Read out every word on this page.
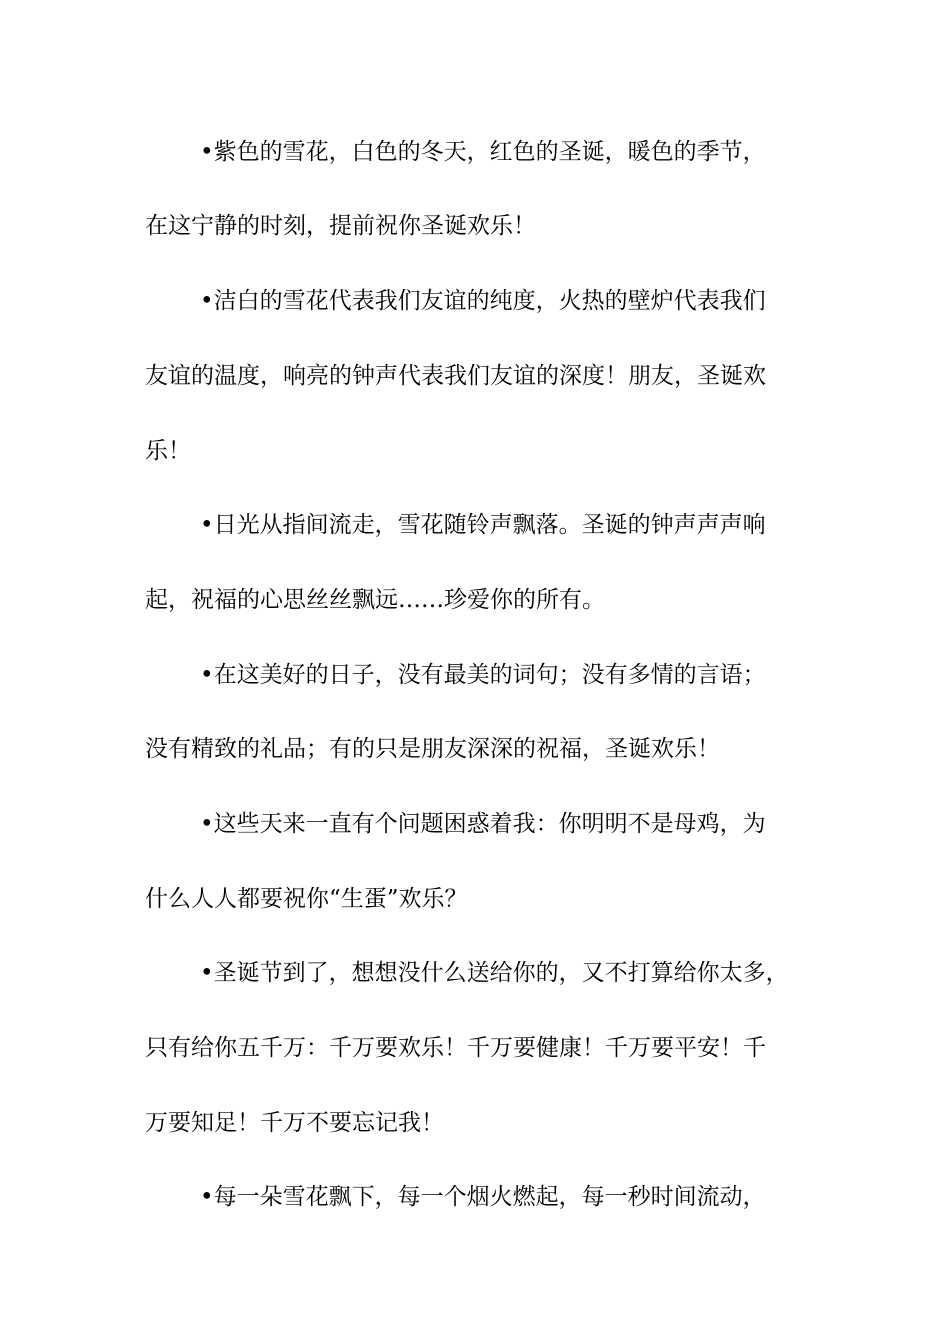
•紫色的雪花，白色的冬天，红色的圣诞，暖色的季节，

在这宁静的时刻，提前祝你圣诞欢乐！

•洁白的雪花代表我们友谊的纯度，火热的壁炉代表我们

友谊的温度，响亮的钟声代表我们友谊的深度！朋友，圣诞欢

乐！

•日光从指间流走，雪花随铃声飘落。圣诞的钟声声声响

起，祝福的心思丝丝飘远……珍爱你的所有。

•在这美好的日子，没有最美的词句；没有多情的言语；

没有精致的礼品；有的只是朋友深深的祝福，圣诞欢乐！

•这些天来一直有个问题困惑着我：你明明不是母鸡，为

什么人人都要祝你“生蛋”欢乐？

•圣诞节到了，想想没什么送给你的，又不打算给你太多，

只有给你五千万：千万要欢乐！千万要健康！千万要平安！千

万要知足！千万不要忘记我！

•每一朵雪花飘下，每一个烟火燃起，每一秒时间流动，
